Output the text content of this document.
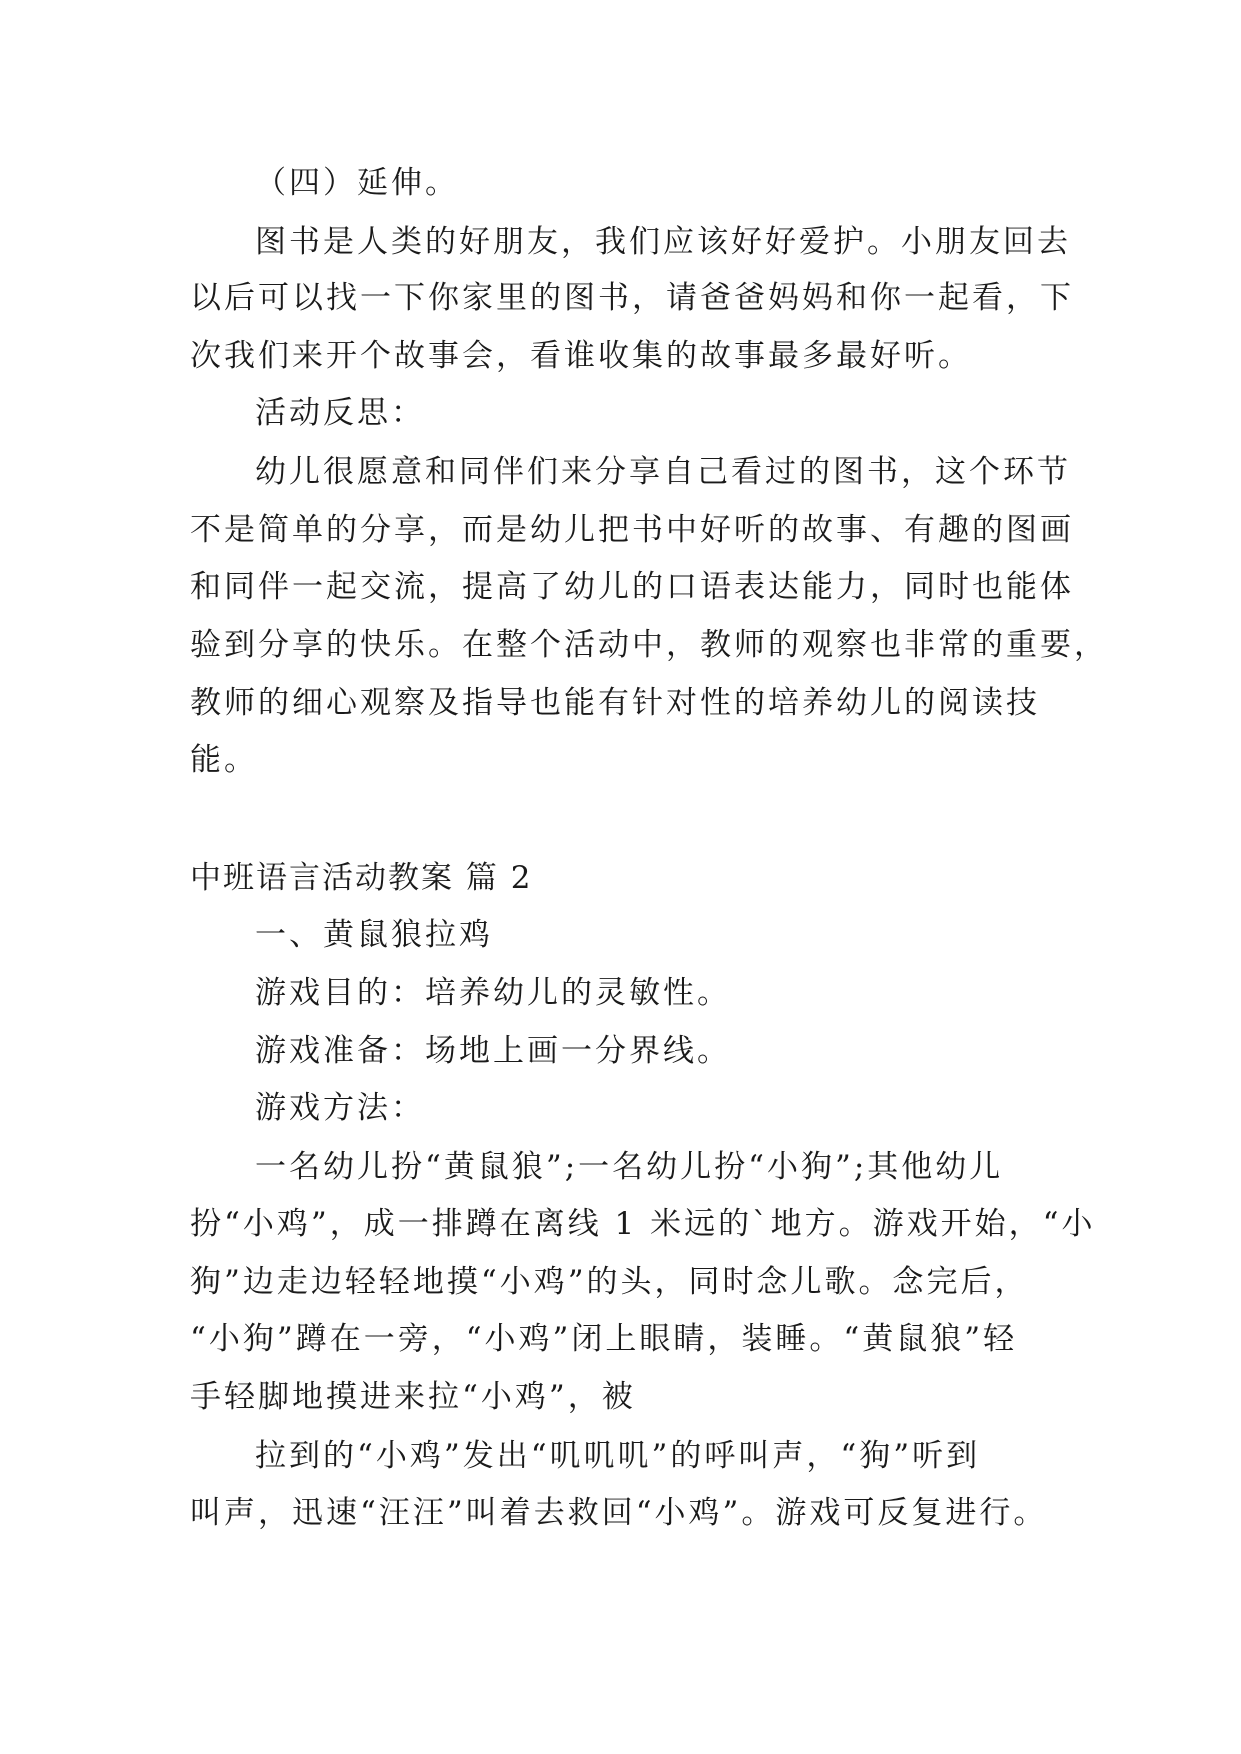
（四）延伸。
图书是人类的好朋友，我们应该好好爱护。小朋友回去
以后可以找一下你家里的图书，请爸爸妈妈和你一起看，下
次我们来开个故事会，看谁收集的故事最多最好听。
活动反思：
幼儿很愿意和同伴们来分享自己看过的图书，这个环节
不是简单的分享，而是幼儿把书中好听的故事、有趣的图画
和同伴一起交流，提高了幼儿的口语表达能力，同时也能体
验到分享的快乐。在整个活动中，教师的观察也非常的重要，
教师的细心观察及指导也能有针对性的培养幼儿的阅读技
能。
中班语言活动教案 篇 2
一、黄鼠狼拉鸡
游戏目的：培养幼儿的灵敏性。
游戏准备：场地上画一分界线。
游戏方法：
一名幼儿扮“黄鼠狼”;一名幼儿扮“小狗”;其他幼儿
扮“小鸡”，成一排蹲在离线 1 米远的`地方。游戏开始，“小
狗”边走边轻轻地摸“小鸡”的头，同时念儿歌。念完后，
“小狗”蹲在一旁，“小鸡”闭上眼睛，装睡。“黄鼠狼”轻
手轻脚地摸进来拉“小鸡”，被
拉到的“小鸡”发出“叽叽叽”的呼叫声，“狗”听到
叫声，迅速“汪汪”叫着去救回“小鸡”。游戏可反复进行。
